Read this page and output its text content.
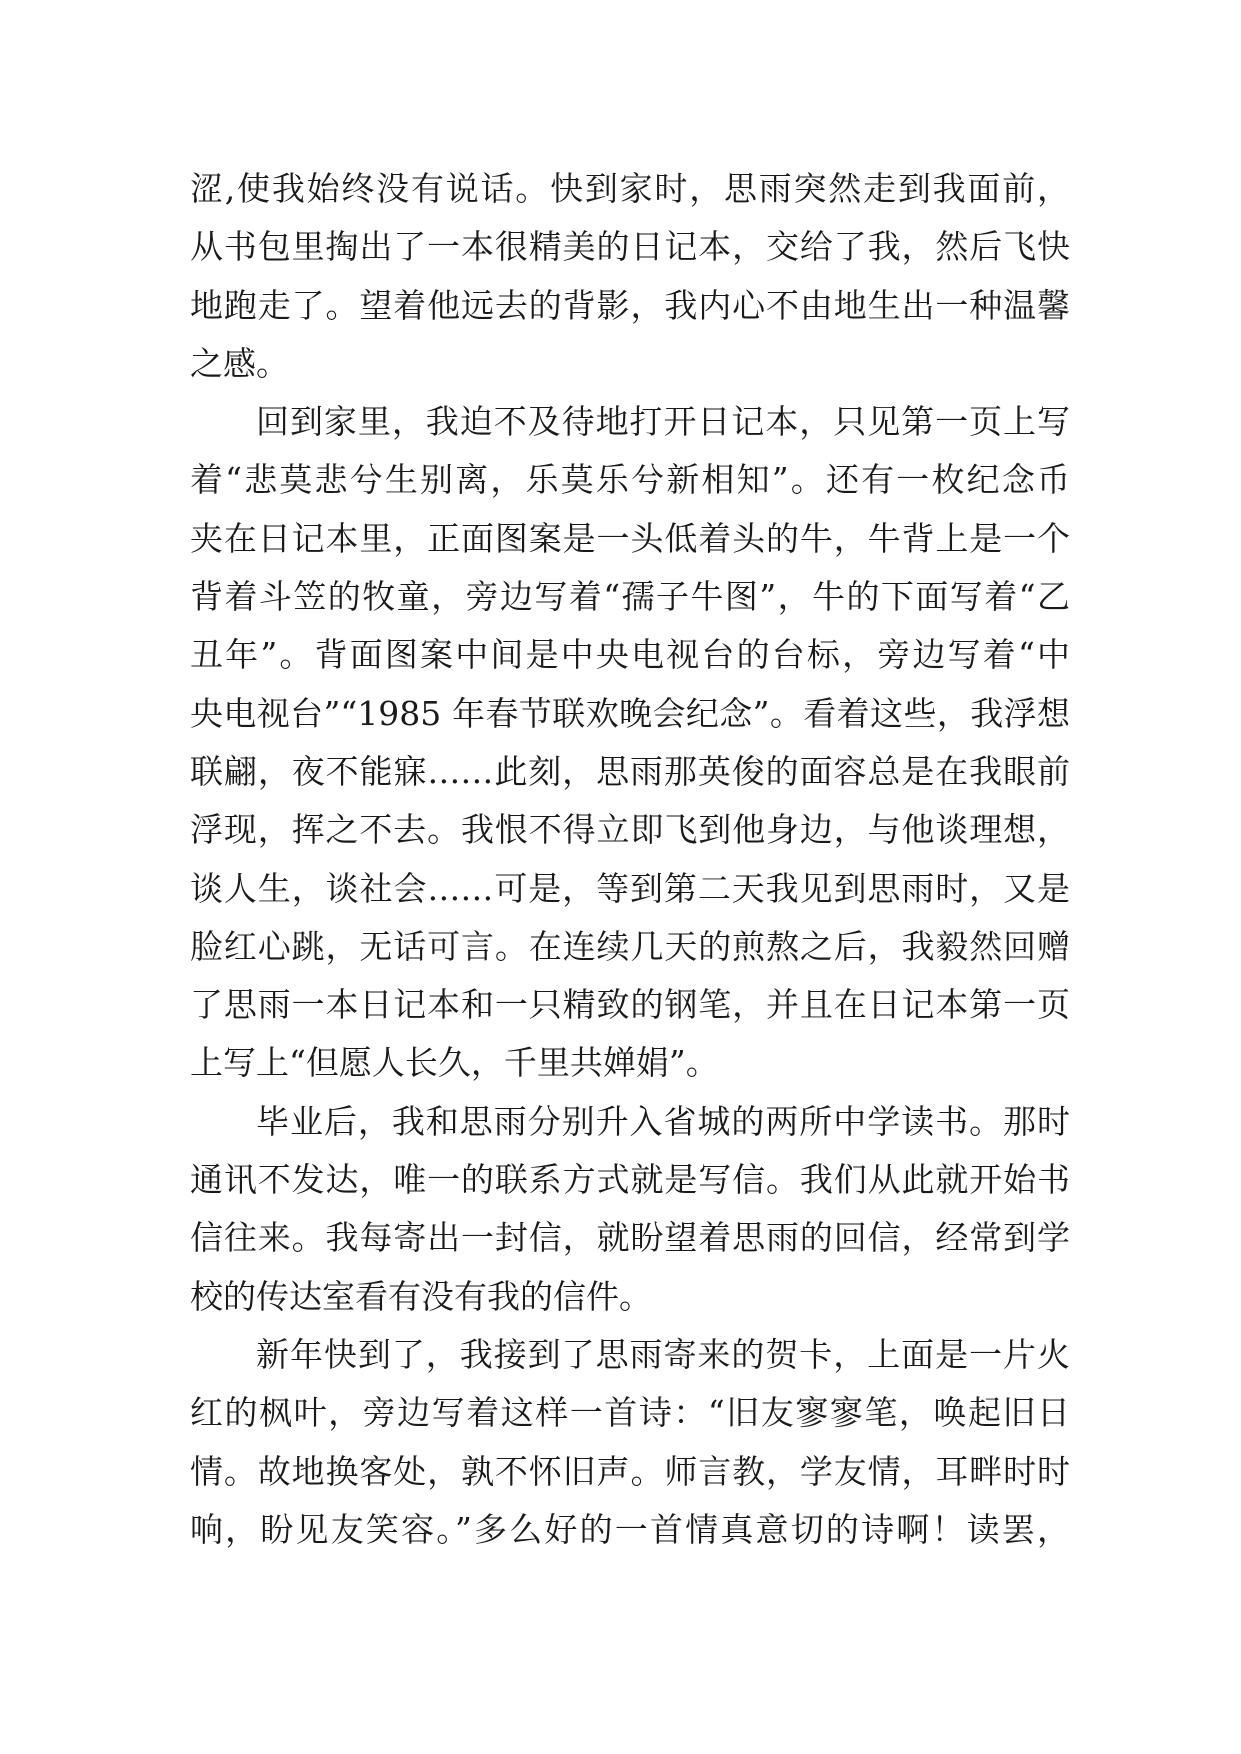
涩,使我始终没有说话。快到家时，思雨突然走到我面前，
从书包里掏出了一本很精美的日记本，交给了我，然后飞快
地跑走了。望着他远去的背影，我内心不由地生出一种温馨
之感。
回到家里，我迫不及待地打开日记本，只见第一页上写
着“悲莫悲兮生别离，乐莫乐兮新相知”。还有一枚纪念币
夹在日记本里，正面图案是一头低着头的牛，牛背上是一个
背着斗笠的牧童，旁边写着“孺子牛图”，牛的下面写着“乙
丑年”。背面图案中间是中央电视台的台标，旁边写着“中
央电视台”“1985 年春节联欢晚会纪念”。看着这些，我浮想
联翩，夜不能寐……此刻，思雨那英俊的面容总是在我眼前
浮现，挥之不去。我恨不得立即飞到他身边，与他谈理想，
谈人生，谈社会……可是，等到第二天我见到思雨时，又是
脸红心跳，无话可言。在连续几天的煎熬之后，我毅然回赠
了思雨一本日记本和一只精致的钢笔，并且在日记本第一页
上写上“但愿人长久，千里共婵娟”。
毕业后，我和思雨分别升入省城的两所中学读书。那时
通讯不发达，唯一的联系方式就是写信。我们从此就开始书
信往来。我每寄出一封信，就盼望着思雨的回信，经常到学
校的传达室看有没有我的信件。
新年快到了，我接到了思雨寄来的贺卡，上面是一片火
红的枫叶，旁边写着这样一首诗：“旧友寥寥笔，唤起旧日
情。故地换客处，孰不怀旧声。师言教，学友情，耳畔时时
响，盼见友笑容。”多么好的一首情真意切的诗啊！读罢，
